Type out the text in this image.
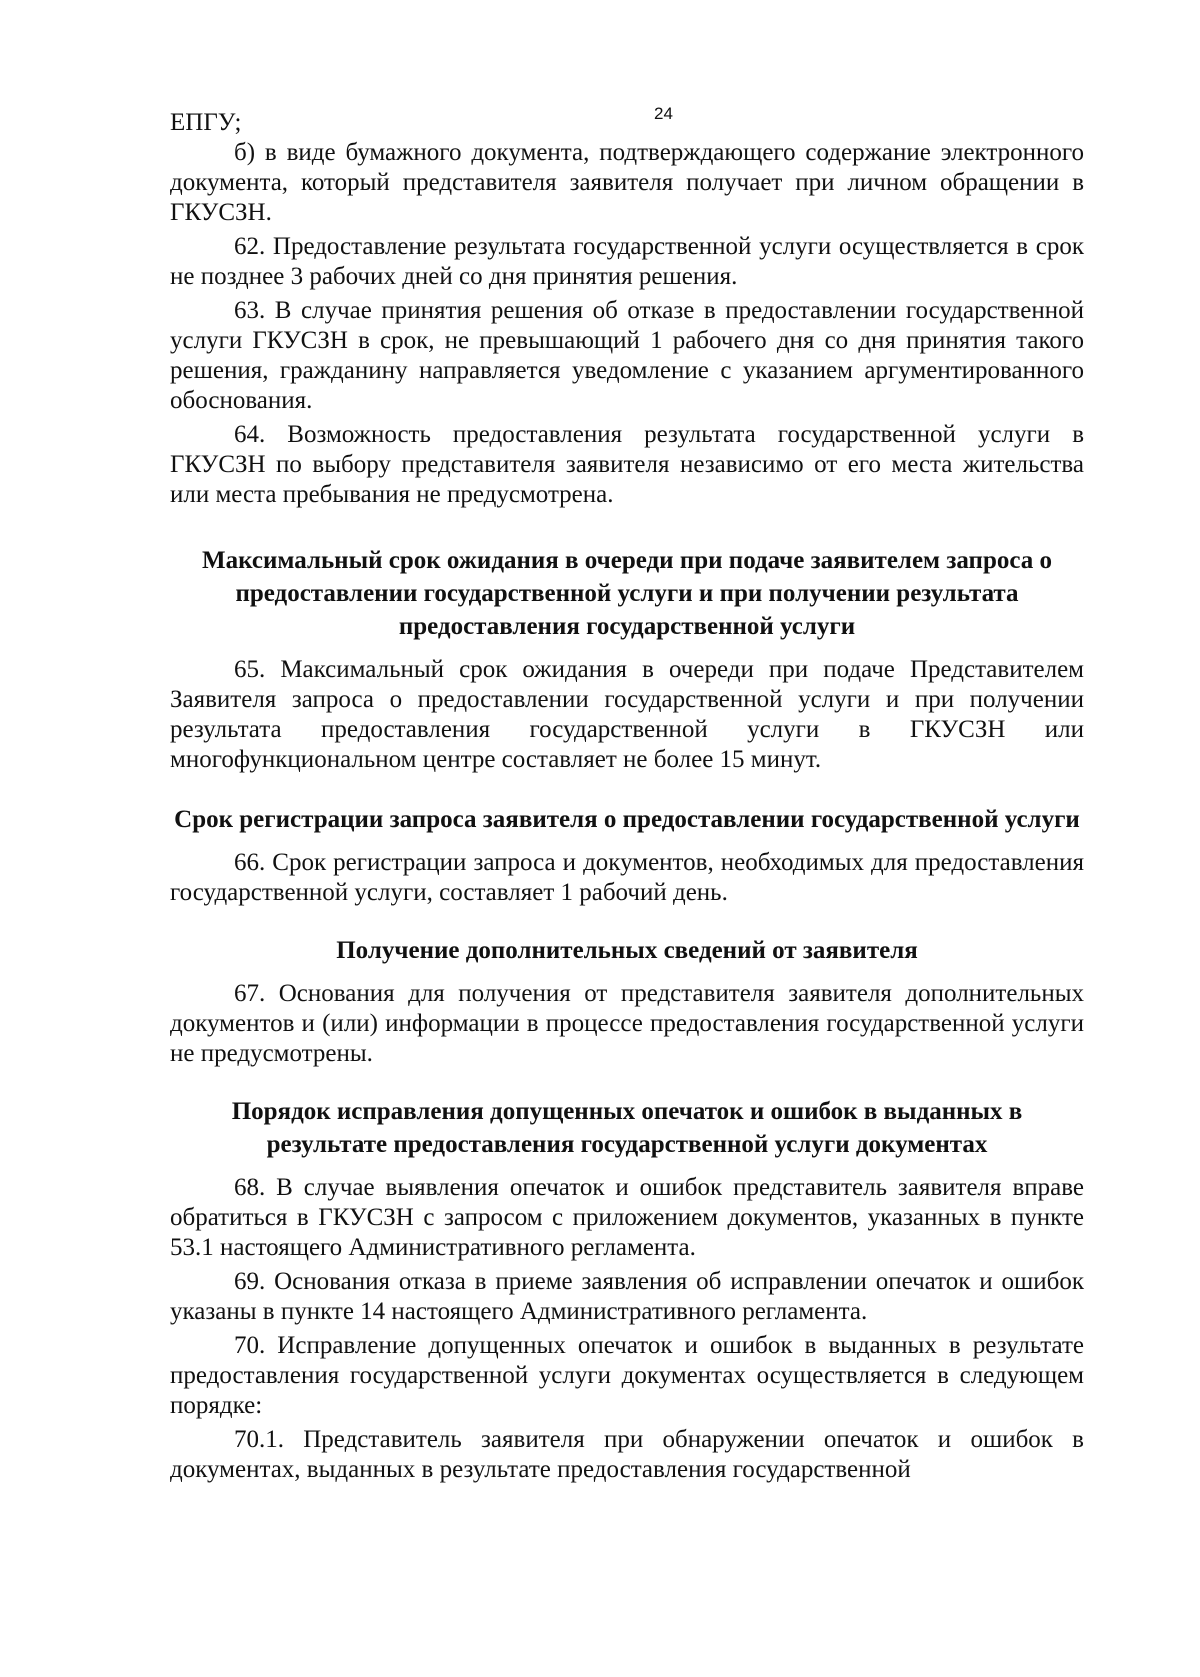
24

ЕПГУ;

б) в виде бумажного документа, подтверждающего содержание электронного документа, который представителя заявителя получает при личном обращении в ГКУСЗН.

62. Предоставление результата государственной услуги осуществляется в срок не позднее 3 рабочих дней со дня принятия решения.

63. В случае принятия решения об отказе в предоставлении государственной услуги ГКУСЗН в срок, не превышающий 1 рабочего дня со дня принятия такого решения, гражданину направляется уведомление с указанием аргументированного обоснования.

64. Возможность предоставления результата государственной услуги в ГКУСЗН по выбору представителя заявителя независимо от его места жительства или места пребывания не предусмотрена.

Максимальный срок ожидания в очереди при подаче заявителем запроса о предоставлении государственной услуги и при получении результата предоставления государственной услуги

65. Максимальный срок ожидания в очереди при подаче Представителем Заявителя запроса о предоставлении государственной услуги и при получении результата предоставления государственной услуги в ГКУСЗН или многофункциональном центре составляет не более 15 минут.

Срок регистрации запроса заявителя о предоставлении государственной услуги

66. Срок регистрации запроса и документов, необходимых для предоставления государственной услуги, составляет 1 рабочий день.

Получение дополнительных сведений от заявителя

67. Основания для получения от представителя заявителя дополнительных документов и (или) информации в процессе предоставления государственной услуги не предусмотрены.

Порядок исправления допущенных опечаток и ошибок в выданных в результате предоставления государственной услуги документах

68. В случае выявления опечаток и ошибок представитель заявителя вправе обратиться в ГКУСЗН с запросом с приложением документов, указанных в пункте 53.1 настоящего Административного регламента.

69. Основания отказа в приеме заявления об исправлении опечаток и ошибок указаны в пункте 14 настоящего Административного регламента.

70. Исправление допущенных опечаток и ошибок в выданных в результате предоставления государственной услуги документах осуществляется в следующем порядке:

70.1. Представитель заявителя при обнаружении опечаток и ошибок в документах, выданных в результате предоставления государственной
